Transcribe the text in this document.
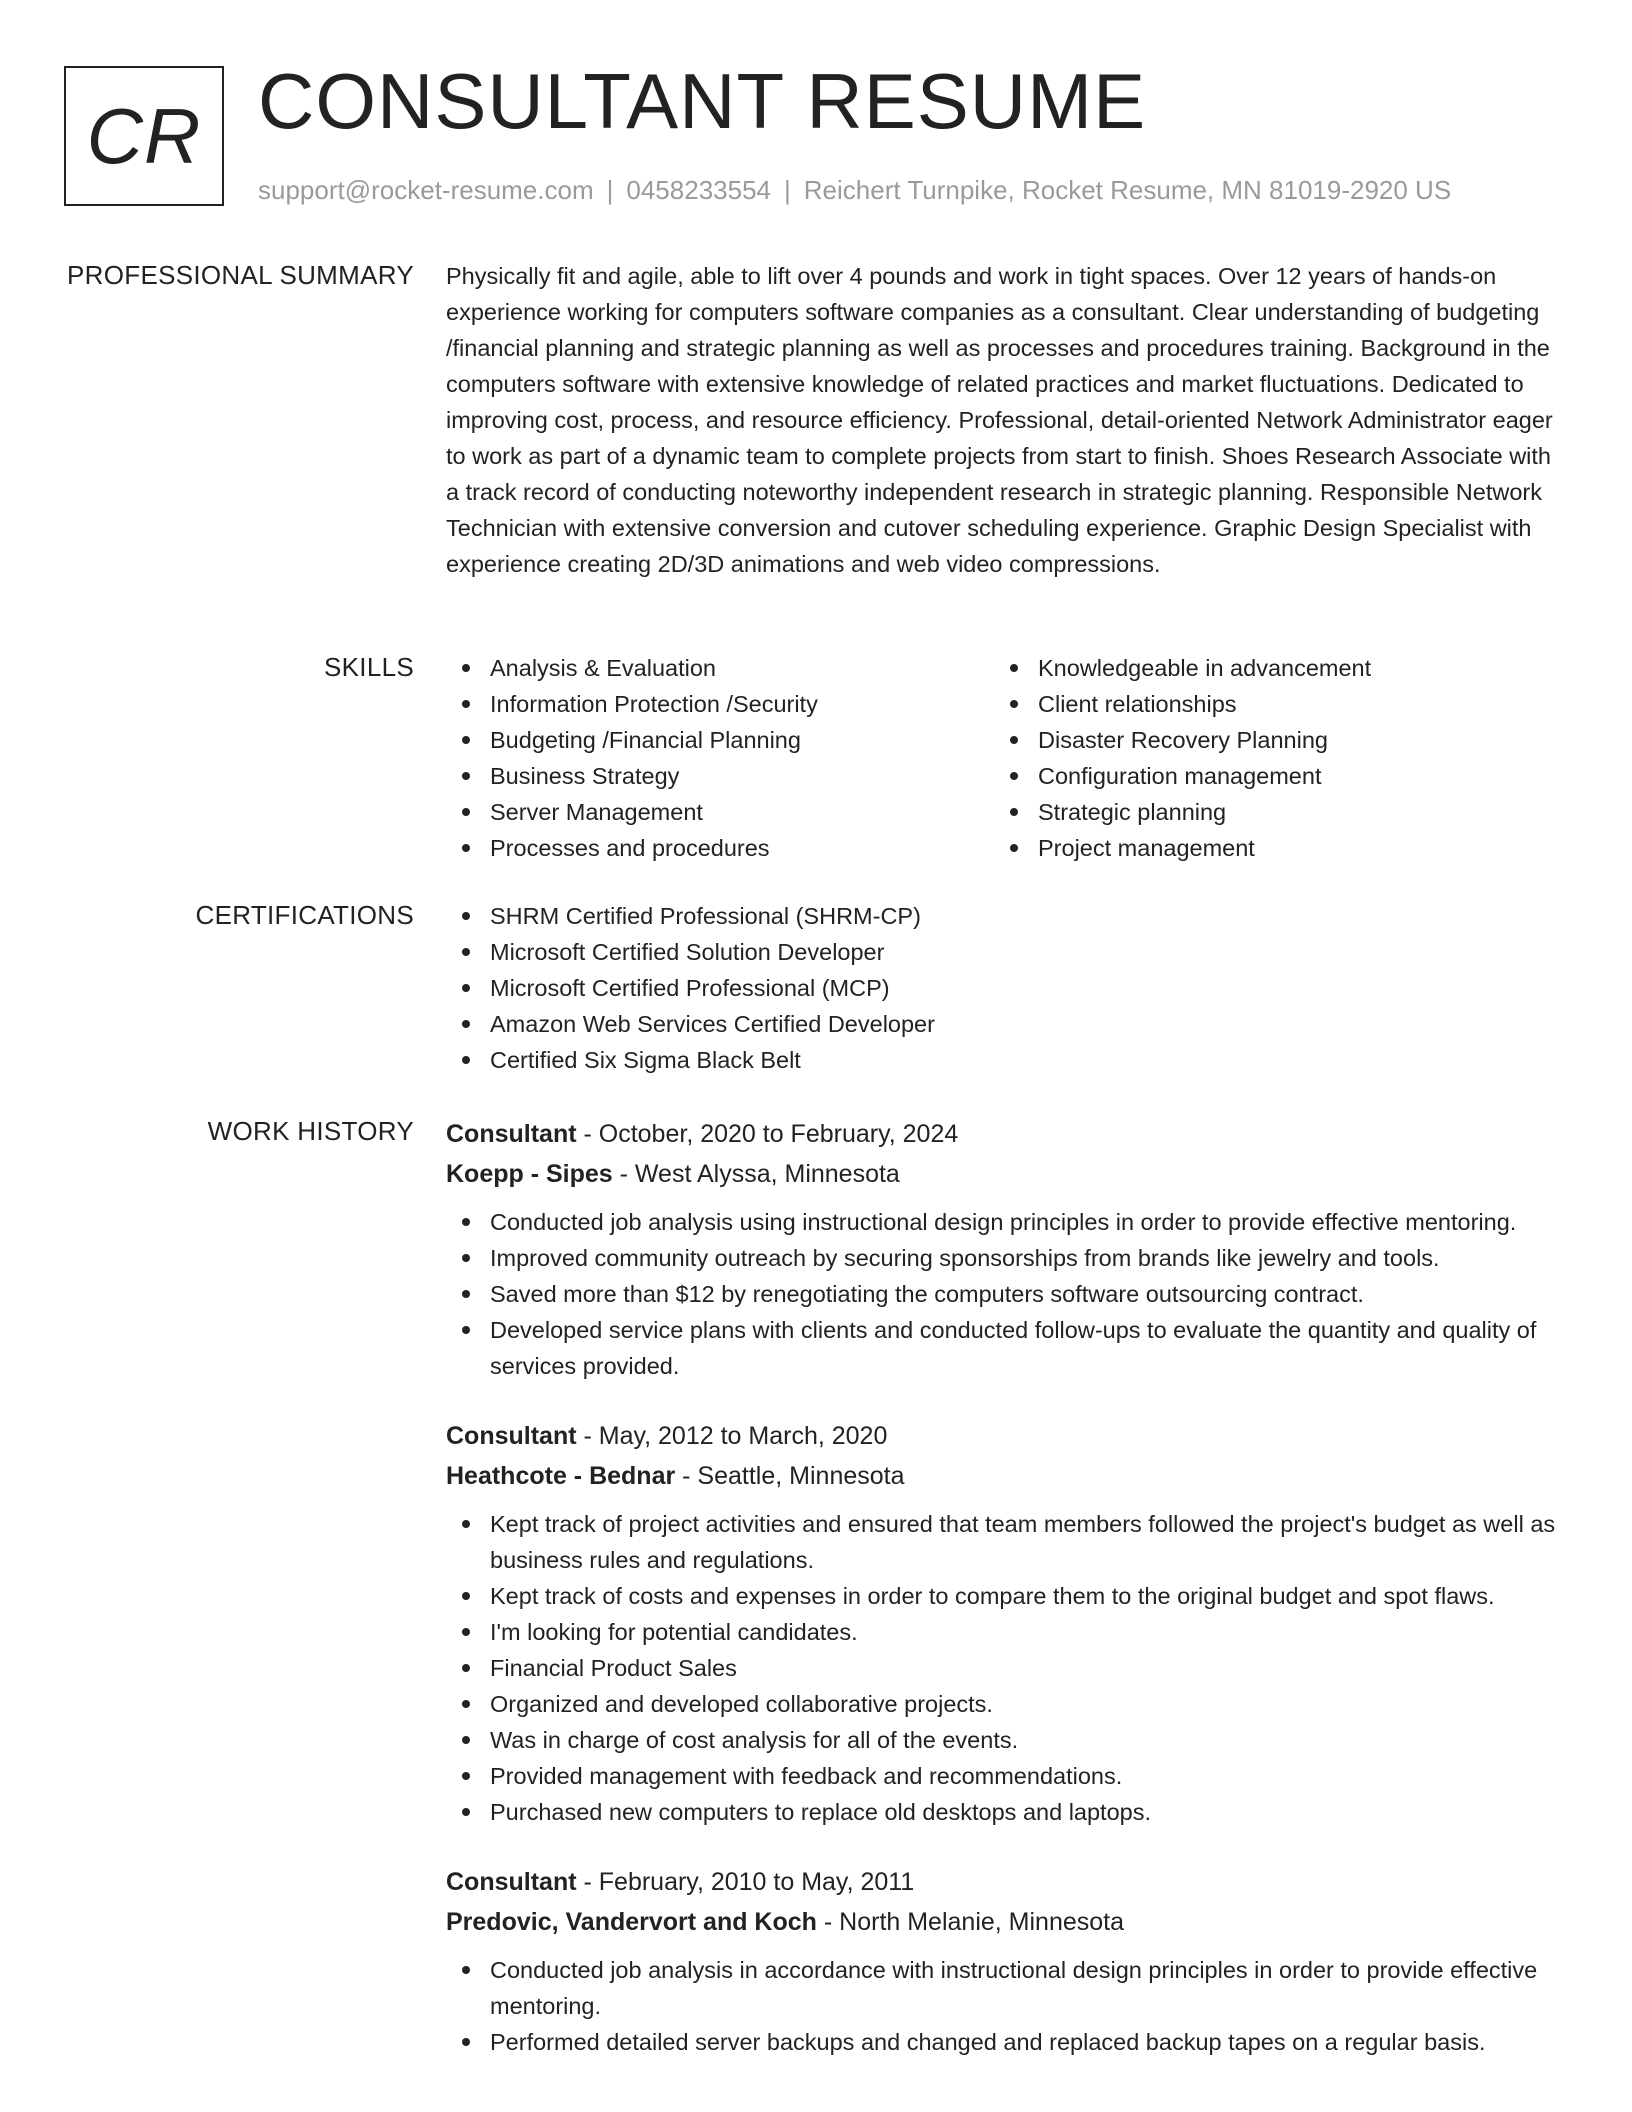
CR CONSULTANT RESUME
support@rocket-resume.com | 0458233554 | Reichert Turnpike, Rocket Resume, MN 81019-2920 US
PROFESSIONAL SUMMARY Physically fit and agile, able to lift over 4 pounds and work in tight spaces. Over 12 years of hands-on experience working for computers software companies as a consultant. Clear understanding of budgeting /financial planning and strategic planning as well as processes and procedures training. Background in the computers software with extensive knowledge of related practices and market fluctuations. Dedicated to improving cost, process, and resource efficiency. Professional, detail-oriented Network Administrator eager to work as part of a dynamic team to complete projects from start to finish. Shoes Research Associate with a track record of conducting noteworthy independent research in strategic planning. Responsible Network Technician with extensive conversion and cutover scheduling experience. Graphic Design Specialist with experience creating 2D/3D animations and web video compressions.

SKILLS	Analysis & Evaluation
Information Protection /Security
Budgeting /Financial Planning
Business Strategy
Server Management
Processes and procedures
Knowledgeable in advancement
Client relationships
Disaster Recovery Planning
Configuration management
Strategic planning
Project management
CERTIFICATIONS	SHRM Certified Professional (SHRM-CP)
Microsoft Certified Solution Developer
Microsoft Certified Professional (MCP)
Amazon Web Services Certified Developer
Certified Six Sigma Black Belt
WORK HISTORY Consultant - October, 2020 to February, 2024
Koepp - Sipes - West Alyssa, Minnesota
Conducted job analysis using instructional design principles in order to provide effective mentoring.
Improved community outreach by securing sponsorships from brands like jewelry and tools.
Saved more than $12 by renegotiating the computers software outsourcing contract.
Developed service plans with clients and conducted follow-ups to evaluate the quantity and quality of services provided.
Consultant - May, 2012 to March, 2020
Heathcote - Bednar - Seattle, Minnesota
Kept track of project activities and ensured that team members followed the project's budget as well as business rules and regulations.
Kept track of costs and expenses in order to compare them to the original budget and spot flaws.
I'm looking for potential candidates.
Financial Product Sales
Organized and developed collaborative projects.
Was in charge of cost analysis for all of the events.
Provided management with feedback and recommendations.
Purchased new computers to replace old desktops and laptops.
Consultant - February, 2010 to May, 2011
Predovic, Vandervort and Koch - North Melanie, Minnesota
Conducted job analysis in accordance with instructional design principles in order to provide effective mentoring.
Performed detailed server backups and changed and replaced backup tapes on a regular basis.
